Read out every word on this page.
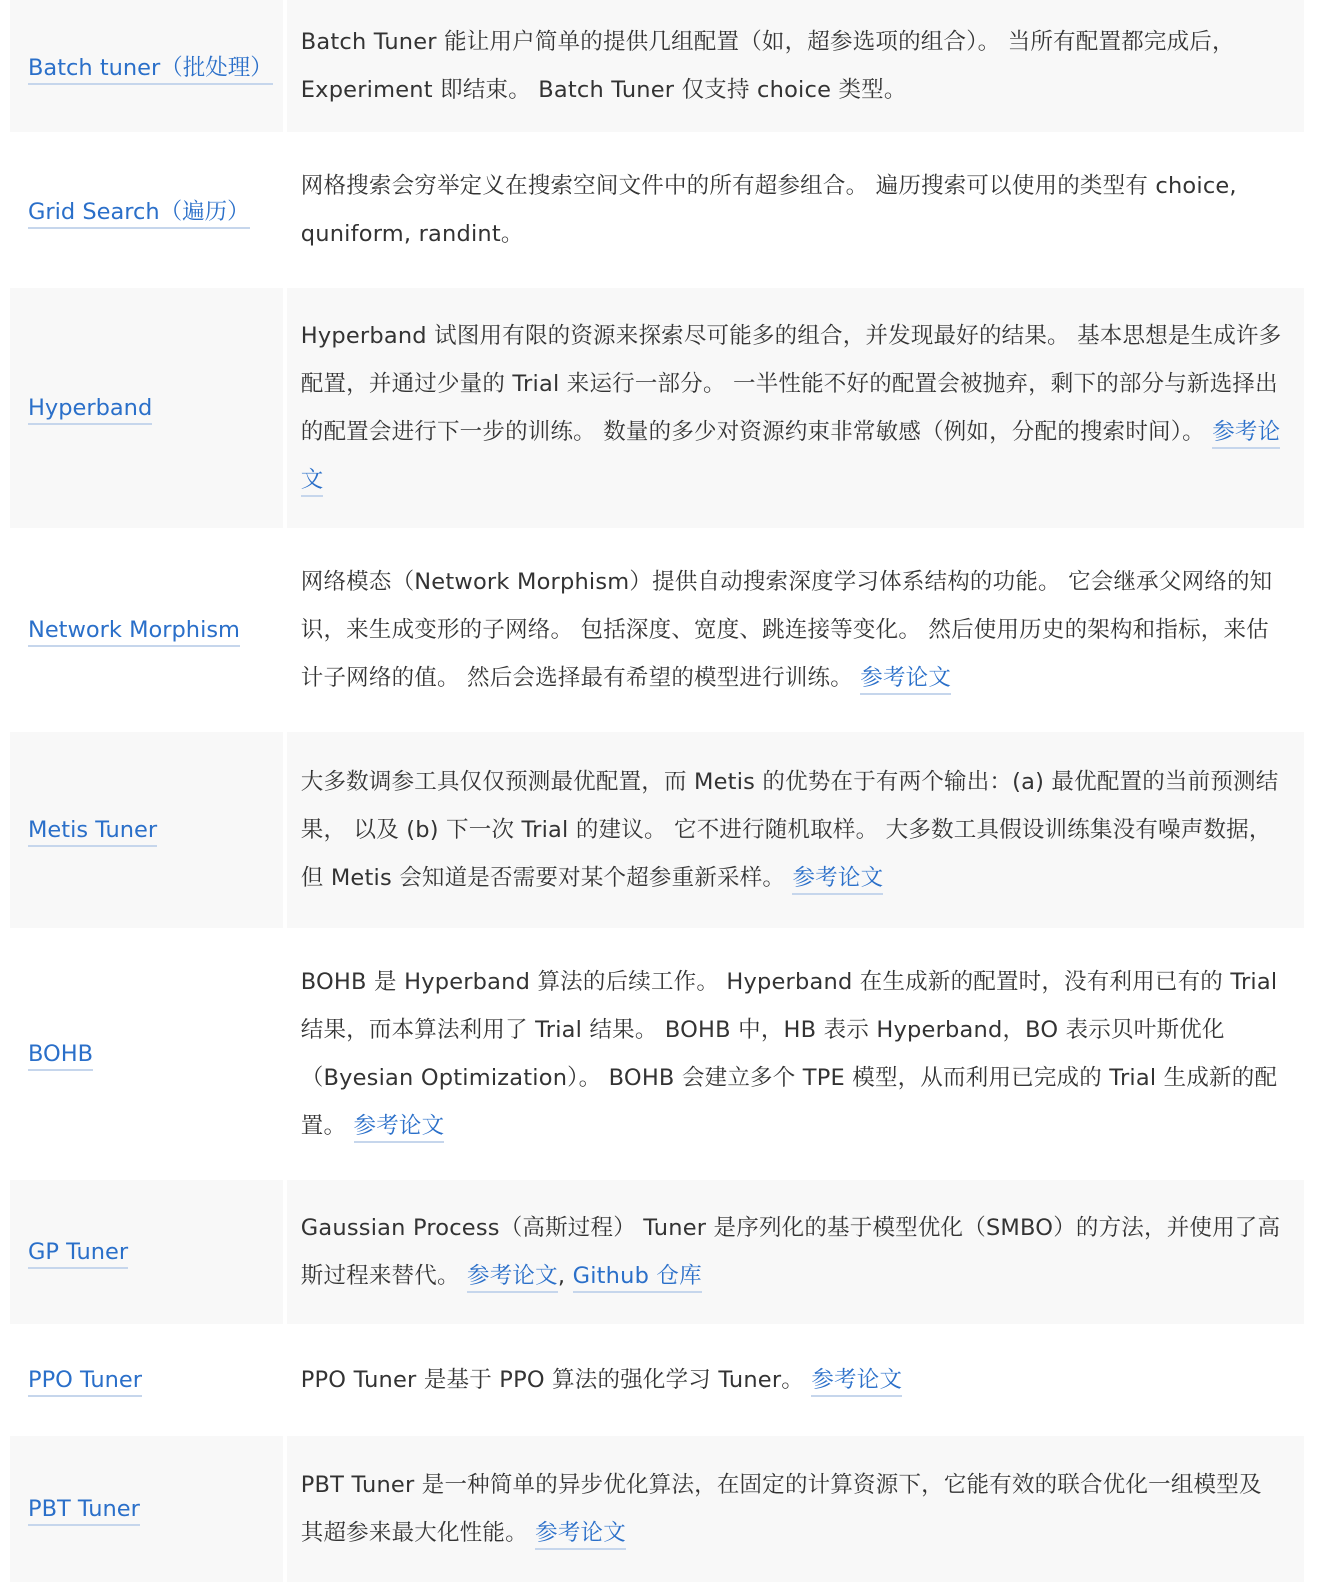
Batch tuner（批处理）	Batch Tuner 能让用户简单的提供几组配置（如，超参选项的组合）。 当所有配置都完成后，Experiment 即结束。 Batch Tuner 仅支持 choice 类型。
Grid Search（遍历）	网格搜索会穷举定义在搜索空间文件中的所有超参组合。 遍历搜索可以使用的类型有 choice, quniform, randint。
Hyperband	Hyperband 试图用有限的资源来探索尽可能多的组合，并发现最好的结果。 基本思想是生成许多配置，并通过少量的 Trial 来运行一部分。 一半性能不好的配置会被抛弃，剩下的部分与新选择出的配置会进行下一步的训练。 数量的多少对资源约束非常敏感（例如，分配的搜索时间）。 参考论文
Network Morphism	网络模态（Network Morphism）提供自动搜索深度学习体系结构的功能。 它会继承父网络的知识，来生成变形的子网络。 包括深度、宽度、跳连接等变化。 然后使用历史的架构和指标，来估计子网络的值。 然后会选择最有希望的模型进行训练。 参考论文
Metis Tuner	大多数调参工具仅仅预测最优配置，而 Metis 的优势在于有两个输出：(a) 最优配置的当前预测结果， 以及 (b) 下一次 Trial 的建议。 它不进行随机取样。 大多数工具假设训练集没有噪声数据，但 Metis 会知道是否需要对某个超参重新采样。 参考论文
BOHB	BOHB 是 Hyperband 算法的后续工作。 Hyperband 在生成新的配置时，没有利用已有的 Trial 结果，而本算法利用了 Trial 结果。 BOHB 中，HB 表示 Hyperband，BO 表示贝叶斯优化（Byesian Optimization）。 BOHB 会建立多个 TPE 模型，从而利用已完成的 Trial 生成新的配置。 参考论文
GP Tuner	Gaussian Process（高斯过程） Tuner 是序列化的基于模型优化（SMBO）的方法，并使用了高斯过程来替代。 参考论文, Github 仓库
PPO Tuner	PPO Tuner 是基于 PPO 算法的强化学习 Tuner。 参考论文
PBT Tuner	PBT Tuner 是一种简单的异步优化算法，在固定的计算资源下，它能有效的联合优化一组模型及其超参来最大化性能。 参考论文
